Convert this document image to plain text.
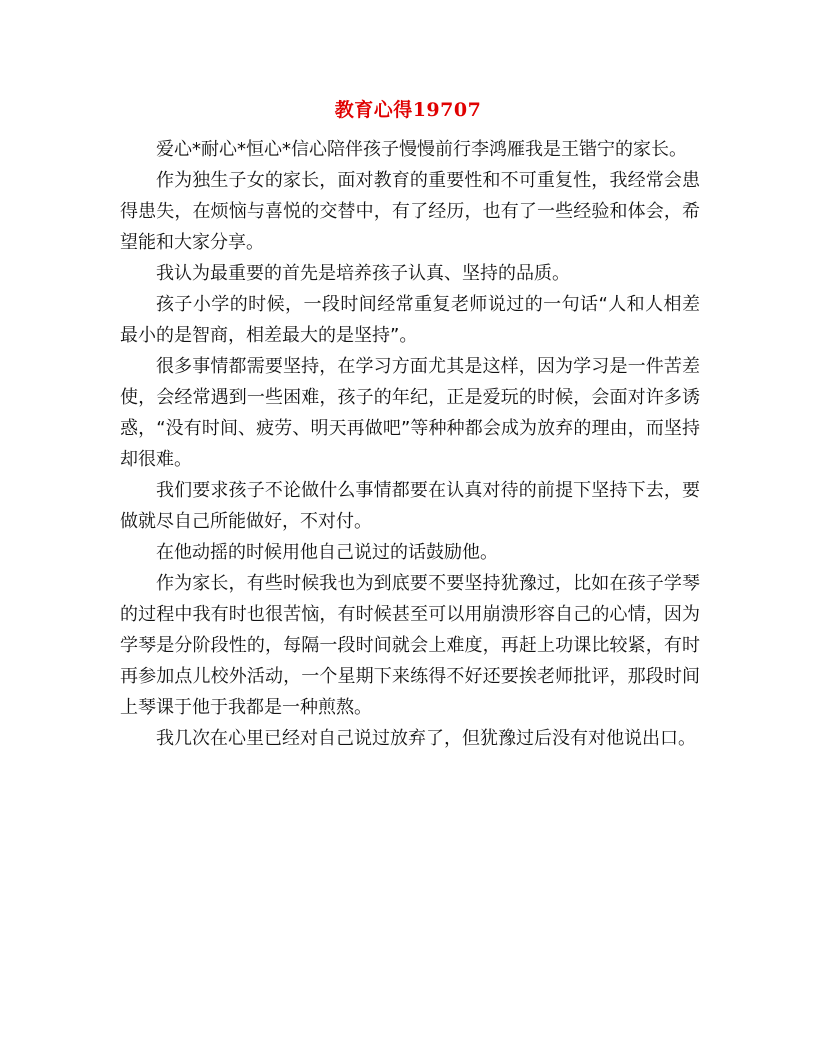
教育心得19707

爱心*耐心*恒心*信心陪伴孩子慢慢前行李鸿雁我是王锴宁的家长。

作为独生子女的家长，面对教育的重要性和不可重复性，我经常会患得患失，在烦恼与喜悦的交替中，有了经历，也有了一些经验和体会，希望能和大家分享。

我认为最重要的首先是培养孩子认真、坚持的品质。

孩子小学的时候，一段时间经常重复老师说过的一句话“人和人相差最小的是智商，相差最大的是坚持”。

很多事情都需要坚持，在学习方面尤其是这样，因为学习是一件苦差使，会经常遇到一些困难，孩子的年纪，正是爱玩的时候，会面对许多诱惑，“没有时间、疲劳、明天再做吧”等种种都会成为放弃的理由，而坚持却很难。

我们要求孩子不论做什么事情都要在认真对待的前提下坚持下去，要做就尽自己所能做好，不对付。

在他动摇的时候用他自己说过的话鼓励他。

作为家长，有些时候我也为到底要不要坚持犹豫过，比如在孩子学琴的过程中我有时也很苦恼，有时候甚至可以用崩溃形容自己的心情，因为学琴是分阶段性的，每隔一段时间就会上难度，再赶上功课比较紧，有时再参加点儿校外活动，一个星期下来练得不好还要挨老师批评，那段时间上琴课于他于我都是一种煎熬。

我几次在心里已经对自己说过放弃了，但犹豫过后没有对他说出口。
